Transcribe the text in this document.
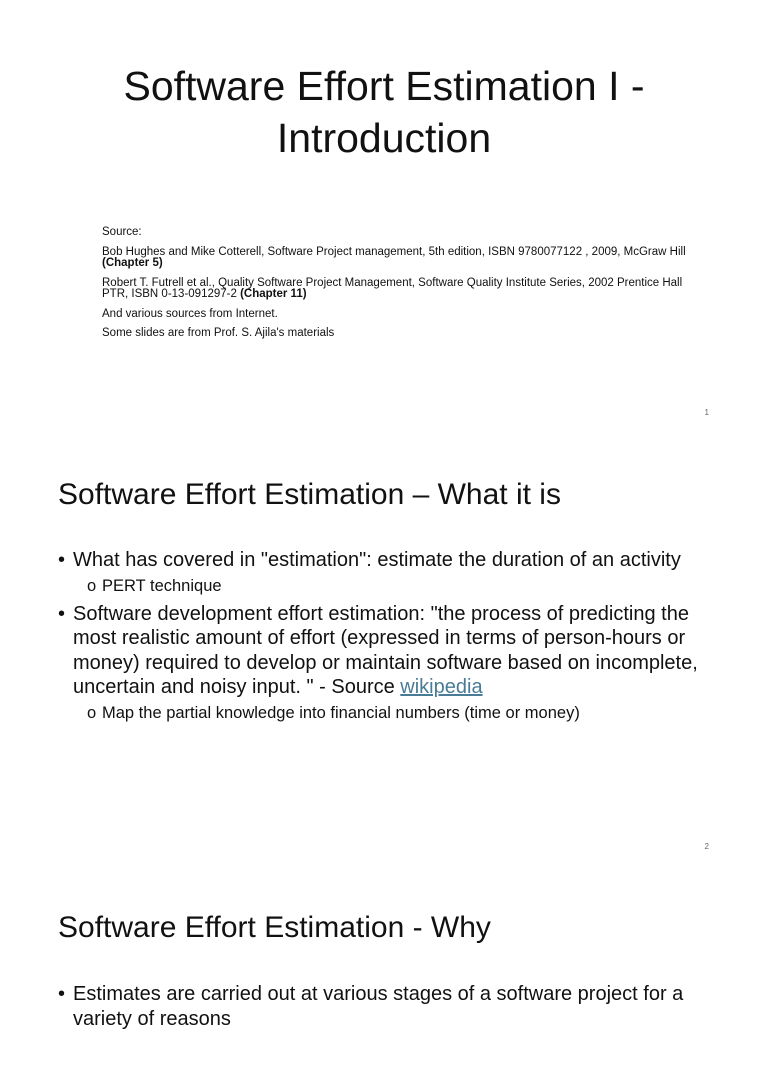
Software Effort Estimation I -
Introduction

Source:

Bob Hughes and Mike Cotterell, Software Project management, 5th edition, ISBN 9780077122 , 2009, McGraw Hill (Chapter 5)

Robert T. Futrell et al., Quality Software Project Management, Software Quality Institute Series, 2002 Prentice Hall PTR, ISBN 0-13-091297-2 (Chapter 11)

And various sources from Internet.

Some slides are from Prof. S. Ajila's materials

1
Software Effort Estimation – What it is
• What has covered in "estimation": estimate the duration of an activity
o PERT technique
• Software development effort estimation: "the process of predicting the most realistic amount of effort (expressed in terms of person-hours or money) required to develop or maintain software based on incomplete, uncertain and noisy input. " - Source wikipedia
o Map the partial knowledge into financial numbers (time or money)
2
Software Effort Estimation - Why
• Estimates are carried out at various stages of a software project for a variety of reasons
